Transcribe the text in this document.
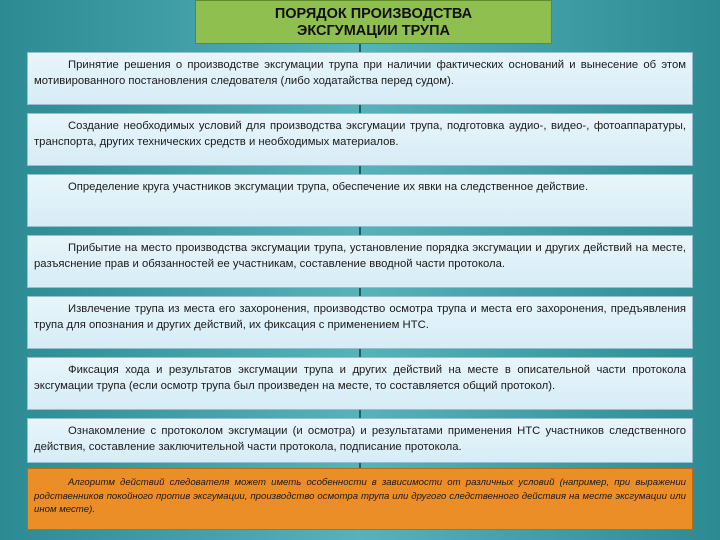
ПОРЯДОК ПРОИЗВОДСТВА
ЭКСГУМАЦИИ ТРУПА
Принятие решения о производстве эксгумации трупа при наличии фактических оснований и вынесение об этом мотивированного постановления следователя (либо ходатайства перед судом).
Создание необходимых условий для производства эксгумации трупа, подготовка аудио-, видео-, фотоаппаратуры, транспорта, других технических средств и необходимых материалов.
Определение круга участников эксгумации трупа, обеспечение их явки на следственное действие.
Прибытие на место производства эксгумации трупа, установление порядка эксгумации и других действий на месте, разъяснение прав и обязанностей ее участникам, составление вводной части протокола.
Извлечение трупа из места его захоронения, производство осмотра трупа и места его захоронения, предъявления трупа для опознания и других действий, их фиксация с применением НТС.
Фиксация хода и результатов эксгумации трупа и других действий на месте в описательной части протокола эксгумации трупа (если осмотр трупа был произведен на месте, то составляется общий протокол).
Ознакомление с протоколом эксгумации (и осмотра) и результатами применения НТС участников следственного действия, составление заключительной части протокола, подписание протокола.
Алгоритм действий следователя может иметь особенности в зависимости от различных условий (например, при выражении родственников покойного против эксгумации, производство осмотра трупа или другого следственного действия на месте эксгумации или ином месте).
